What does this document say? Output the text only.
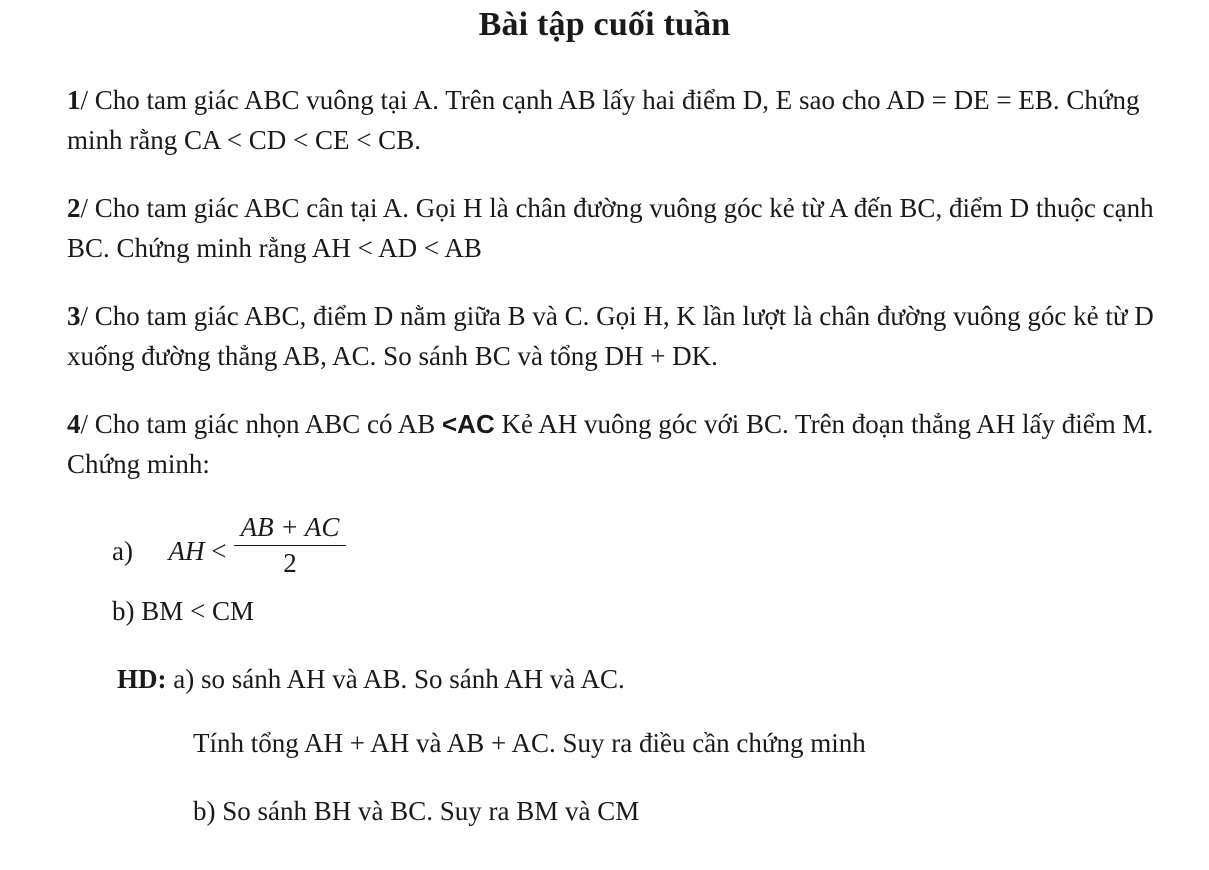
Bài tập cuối tuần
1/ Cho tam giác ABC vuông tại A. Trên cạnh AB lấy hai điểm D, E sao cho AD = DE = EB. Chứng minh rằng CA < CD < CE < CB.
2/ Cho tam giác ABC cân tại A. Gọi H là chân đường vuông góc kẻ từ A đến BC, điểm D thuộc cạnh BC. Chứng minh rằng AH < AD < AB
3/ Cho tam giác ABC, điểm D nằm giữa B và C. Gọi H, K lần lượt là chân đường vuông góc kẻ từ D xuống đường thẳng AB, AC. So sánh BC và tổng DH + DK.
4/ Cho tam giác nhọn ABC có AB <AC Kẻ AH vuông góc với BC. Trên đoạn thẳng AH lấy điểm M. Chứng minh:
a) AH < $\frac{AB + AC}{2}$
b) BM < CM
HD: a) so sánh AH và AB. So sánh AH và AC.
Tính tổng AH + AH và AB + AC. Suy ra điều cần chứng minh
b) So sánh BH và BC. Suy ra BM và CM
